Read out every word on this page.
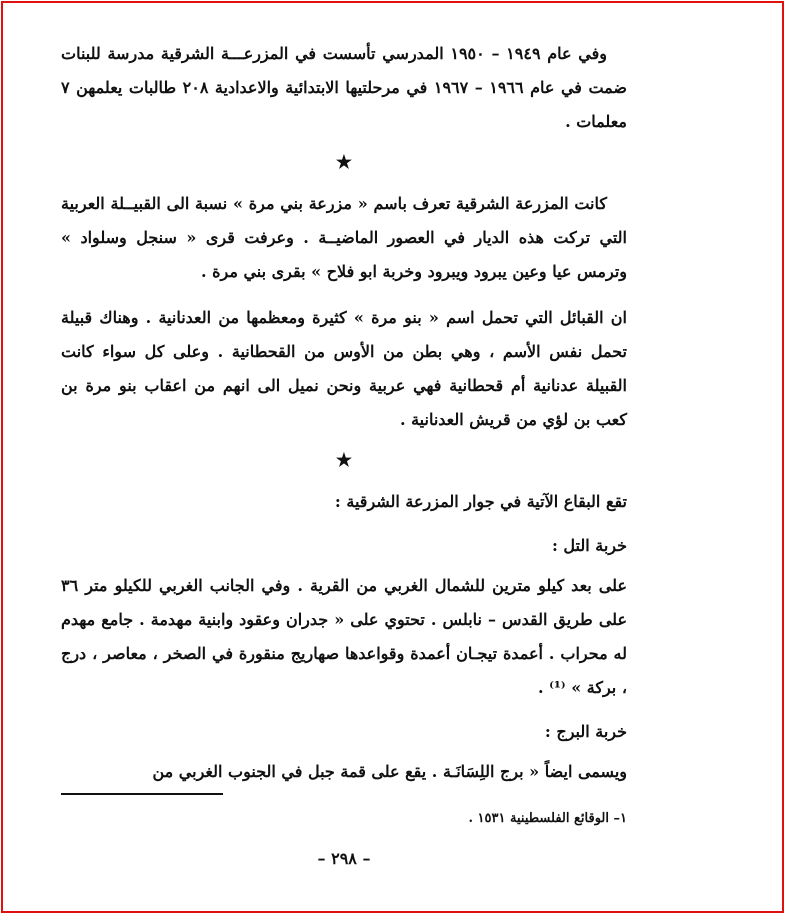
وفي عام ١٩٤٩ – ١٩٥٠ المدرسي تأسست في المزرعـــة الشرقية مدرسة للبنات ضمت في عام ١٩٦٦ – ١٩٦٧ في مرحلتيها الابتدائية والاعدادية ٢٠٨ طالبات يعلمهن ٧ معلمات .

★

كانت المزرعة الشرقية تعرف باسم « مزرعة بني مرة » نسبة الى القبيــلة العربية التي تركت هذه الديار في العصور الماضيــة . وعرفت قرى « سنجل وسلواد » وترمس عيا وعين يبرود ويبرود وخربة ابو فلاح » بقرى بني مرة .

ان القبائل التي تحمل اسم « بنو مرة » كثيرة ومعظمها من العدنانية . وهناك قبيلة تحمل نفس الأسم ، وهي بطن من الأوس من القحطانية . وعلى كل سواء كانت القبيلة عدنانية أم قحطانية فهي عربية ونحن نميل الى انهم من اعقاب بنو مرة بن كعب بن لؤي من قريش العدنانية .

★

تقع البقاع الآتية في جوار المزرعة الشرقية :

خربة التل :

على بعد كيلو مترين للشمال الغربي من القرية . وفي الجانب الغربي للكيلو متر ٣٦ على طريق القدس – نابلس . تحتوي على « جدران وعقود وابنية مهدمة . جامع مهدم له محراب . أعمدة تيجـان أعمدة وقواعدها صهاريج منقورة في الصخر ، معاصر ، درج ، بركة » ⁽¹⁾ .

خربة البرج :

ويسمى ايضاً « برج اللِسَانَـة . يقع على قمة جبل في الجنوب الغربي من

١– الوقائع الفلسطينية ١٥٣١ .
– ٢٩٨ –
